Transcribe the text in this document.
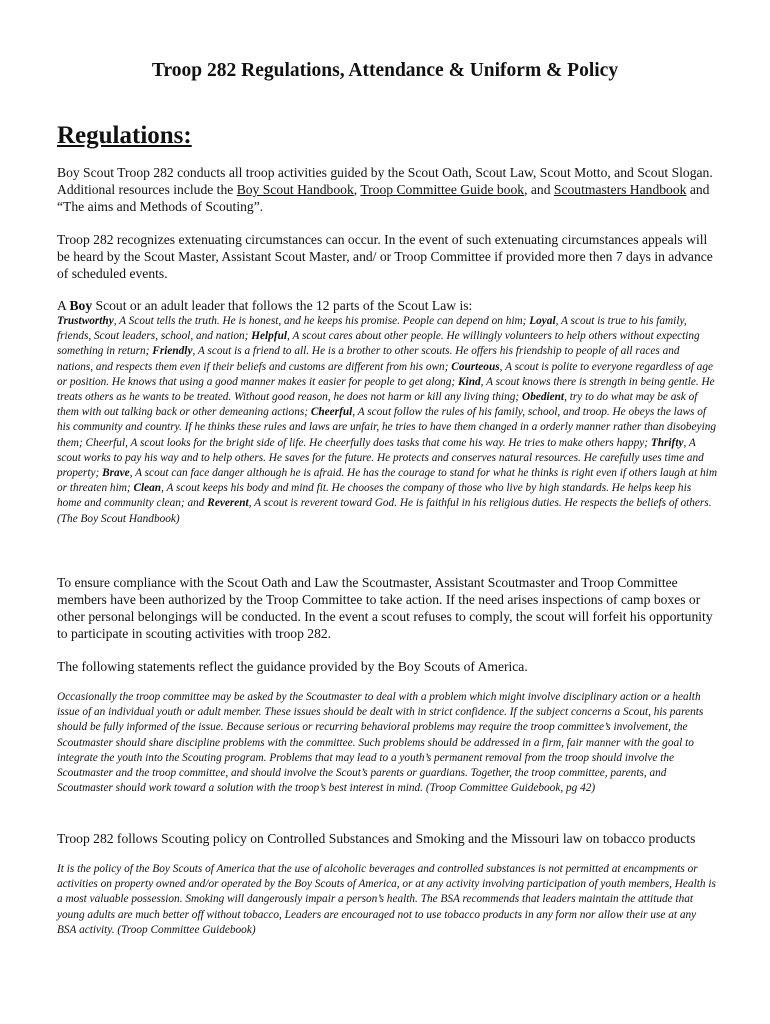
Troop 282 Regulations, Attendance & Uniform & Policy
Regulations:

Boy Scout Troop 282 conducts all troop activities guided by the Scout Oath, Scout Law, Scout Motto, and Scout Slogan. Additional resources include the Boy Scout Handbook, Troop Committee Guide book, and Scoutmasters Handbook and “The aims and Methods of Scouting”.

Troop 282 recognizes extenuating circumstances can occur. In the event of such extenuating circumstances appeals will be heard by the Scout Master, Assistant Scout Master, and/ or Troop Committee if provided more then 7 days in advance of scheduled events.

A Boy Scout or an adult leader that follows the 12 parts of the Scout Law is:

Trustworthy, A Scout tells the truth. He is honest, and he keeps his promise. People can depend on him; Loyal, A scout is true to his family, friends, Scout leaders, school, and nation; Helpful, A scout cares about other people. He willingly volunteers to help others without expecting something in return; Friendly, A scout is a friend to all. He is a brother to other scouts. He offers his friendship to people of all races and nations, and respects them even if their beliefs and customs are different from his own; Courteous, A scout is polite to everyone regardless of age or position. He knows that using a good manner makes it easier for people to get along; Kind, A scout knows there is strength in being gentle. He treats others as he wants to be treated. Without good reason, he does not harm or kill any living thing; Obedient, try to do what may be ask of them with out talking back or other demeaning actions; Cheerful, A scout follow the rules of his family, school, and troop. He obeys the laws of his community and country. If he thinks these rules and laws are unfair, he tries to have them changed in a orderly manner rather than disobeying them; Cheerful, A scout looks for the bright side of life. He cheerfully does tasks that come his way. He tries to make others happy; Thrifty, A scout works to pay his way and to help others. He saves for the future. He protects and conserves natural resources. He carefully uses time and property; Brave, A scout can face danger although he is afraid. He has the courage to stand for what he thinks is right even if others laugh at him or threaten him; Clean, A scout keeps his body and mind fit. He chooses the company of those who live by high standards. He helps keep his home and community clean; and Reverent, A scout is reverent toward God. He is faithful in his religious duties. He respects the beliefs of others. (The Boy Scout Handbook)

To ensure compliance with the Scout Oath and Law the Scoutmaster, Assistant Scoutmaster and Troop Committee members have been authorized by the Troop Committee to take action. If the need arises inspections of camp boxes or other personal belongings will be conducted. In the event a scout refuses to comply, the scout will forfeit his opportunity to participate in scouting activities with troop 282.

The following statements reflect the guidance provided by the Boy Scouts of America.

Occasionally the troop committee may be asked by the Scoutmaster to deal with a problem which might involve disciplinary action or a health issue of an individual youth or adult member. These issues should be dealt with in strict confidence. If the subject concerns a Scout, his parents should be fully informed of the issue. Because serious or recurring behavioral problems may require the troop committee’s involvement, the Scoutmaster should share discipline problems with the committee. Such problems should be addressed in a firm, fair manner with the goal to integrate the youth into the Scouting program. Problems that may lead to a youth’s permanent removal from the troop should involve the Scoutmaster and the troop committee, and should involve the Scout’s parents or guardians. Together, the troop committee, parents, and Scoutmaster should work toward a solution with the troop’s best interest in mind. (Troop Committee Guidebook, pg 42)

Troop 282 follows Scouting policy on Controlled Substances and Smoking and the Missouri law on tobacco products

It is the policy of the Boy Scouts of America that the use of alcoholic beverages and controlled substances is not permitted at encampments or activities on property owned and/or operated by the Boy Scouts of America, or at any activity involving participation of youth members, Health is a most valuable possession. Smoking will dangerously impair a person’s health. The BSA recommends that leaders maintain the attitude that young adults are much better off without tobacco, Leaders are encouraged not to use tobacco products in any form nor allow their use at any BSA activity. (Troop Committee Guidebook)
